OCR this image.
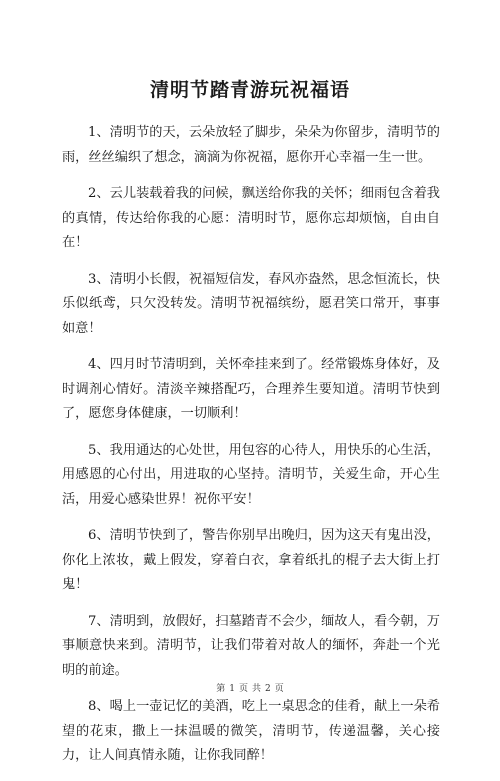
清明节踏青游玩祝福语

1、清明节的天，云朵放轻了脚步，朵朵为你留步，清明节的雨，丝丝编织了想念，滴滴为你祝福，愿你开心幸福一生一世。

2、云儿装载着我的问候，飘送给你我的关怀；细雨包含着我的真情，传达给你我的心愿：清明时节，愿你忘却烦恼，自由自在！

3、清明小长假，祝福短信发，春风亦盎然，思念恒流长，快乐似纸鸢，只欠没转发。清明节祝福缤纷，愿君笑口常开，事事如意！

4、四月时节清明到，关怀牵挂来到了。经常锻炼身体好，及时调剂心情好。清淡辛辣搭配巧，合理养生要知道。清明节快到了，愿您身体健康，一切顺利！

5、我用通达的心处世，用包容的心待人，用快乐的心生活，用感恩的心付出，用进取的心坚持。清明节，关爱生命，开心生活，用爱心感染世界！祝你平安！

6、清明节快到了，警告你别早出晚归，因为这天有鬼出没，你化上浓妆，戴上假发，穿着白衣，拿着纸扎的棍子去大街上打鬼！

7、清明到，放假好，扫墓踏青不会少，缅故人，看今朝，万事顺意快来到。清明节，让我们带着对故人的缅怀，奔赴一个光明的前途。

8、喝上一壶记忆的美酒，吃上一桌思念的佳肴，献上一朵希望的花束，撒上一抹温暖的微笑，清明节，传递温馨，关心接力，让人间真情永随，让你我同醉！

第 1 页 共 2 页
